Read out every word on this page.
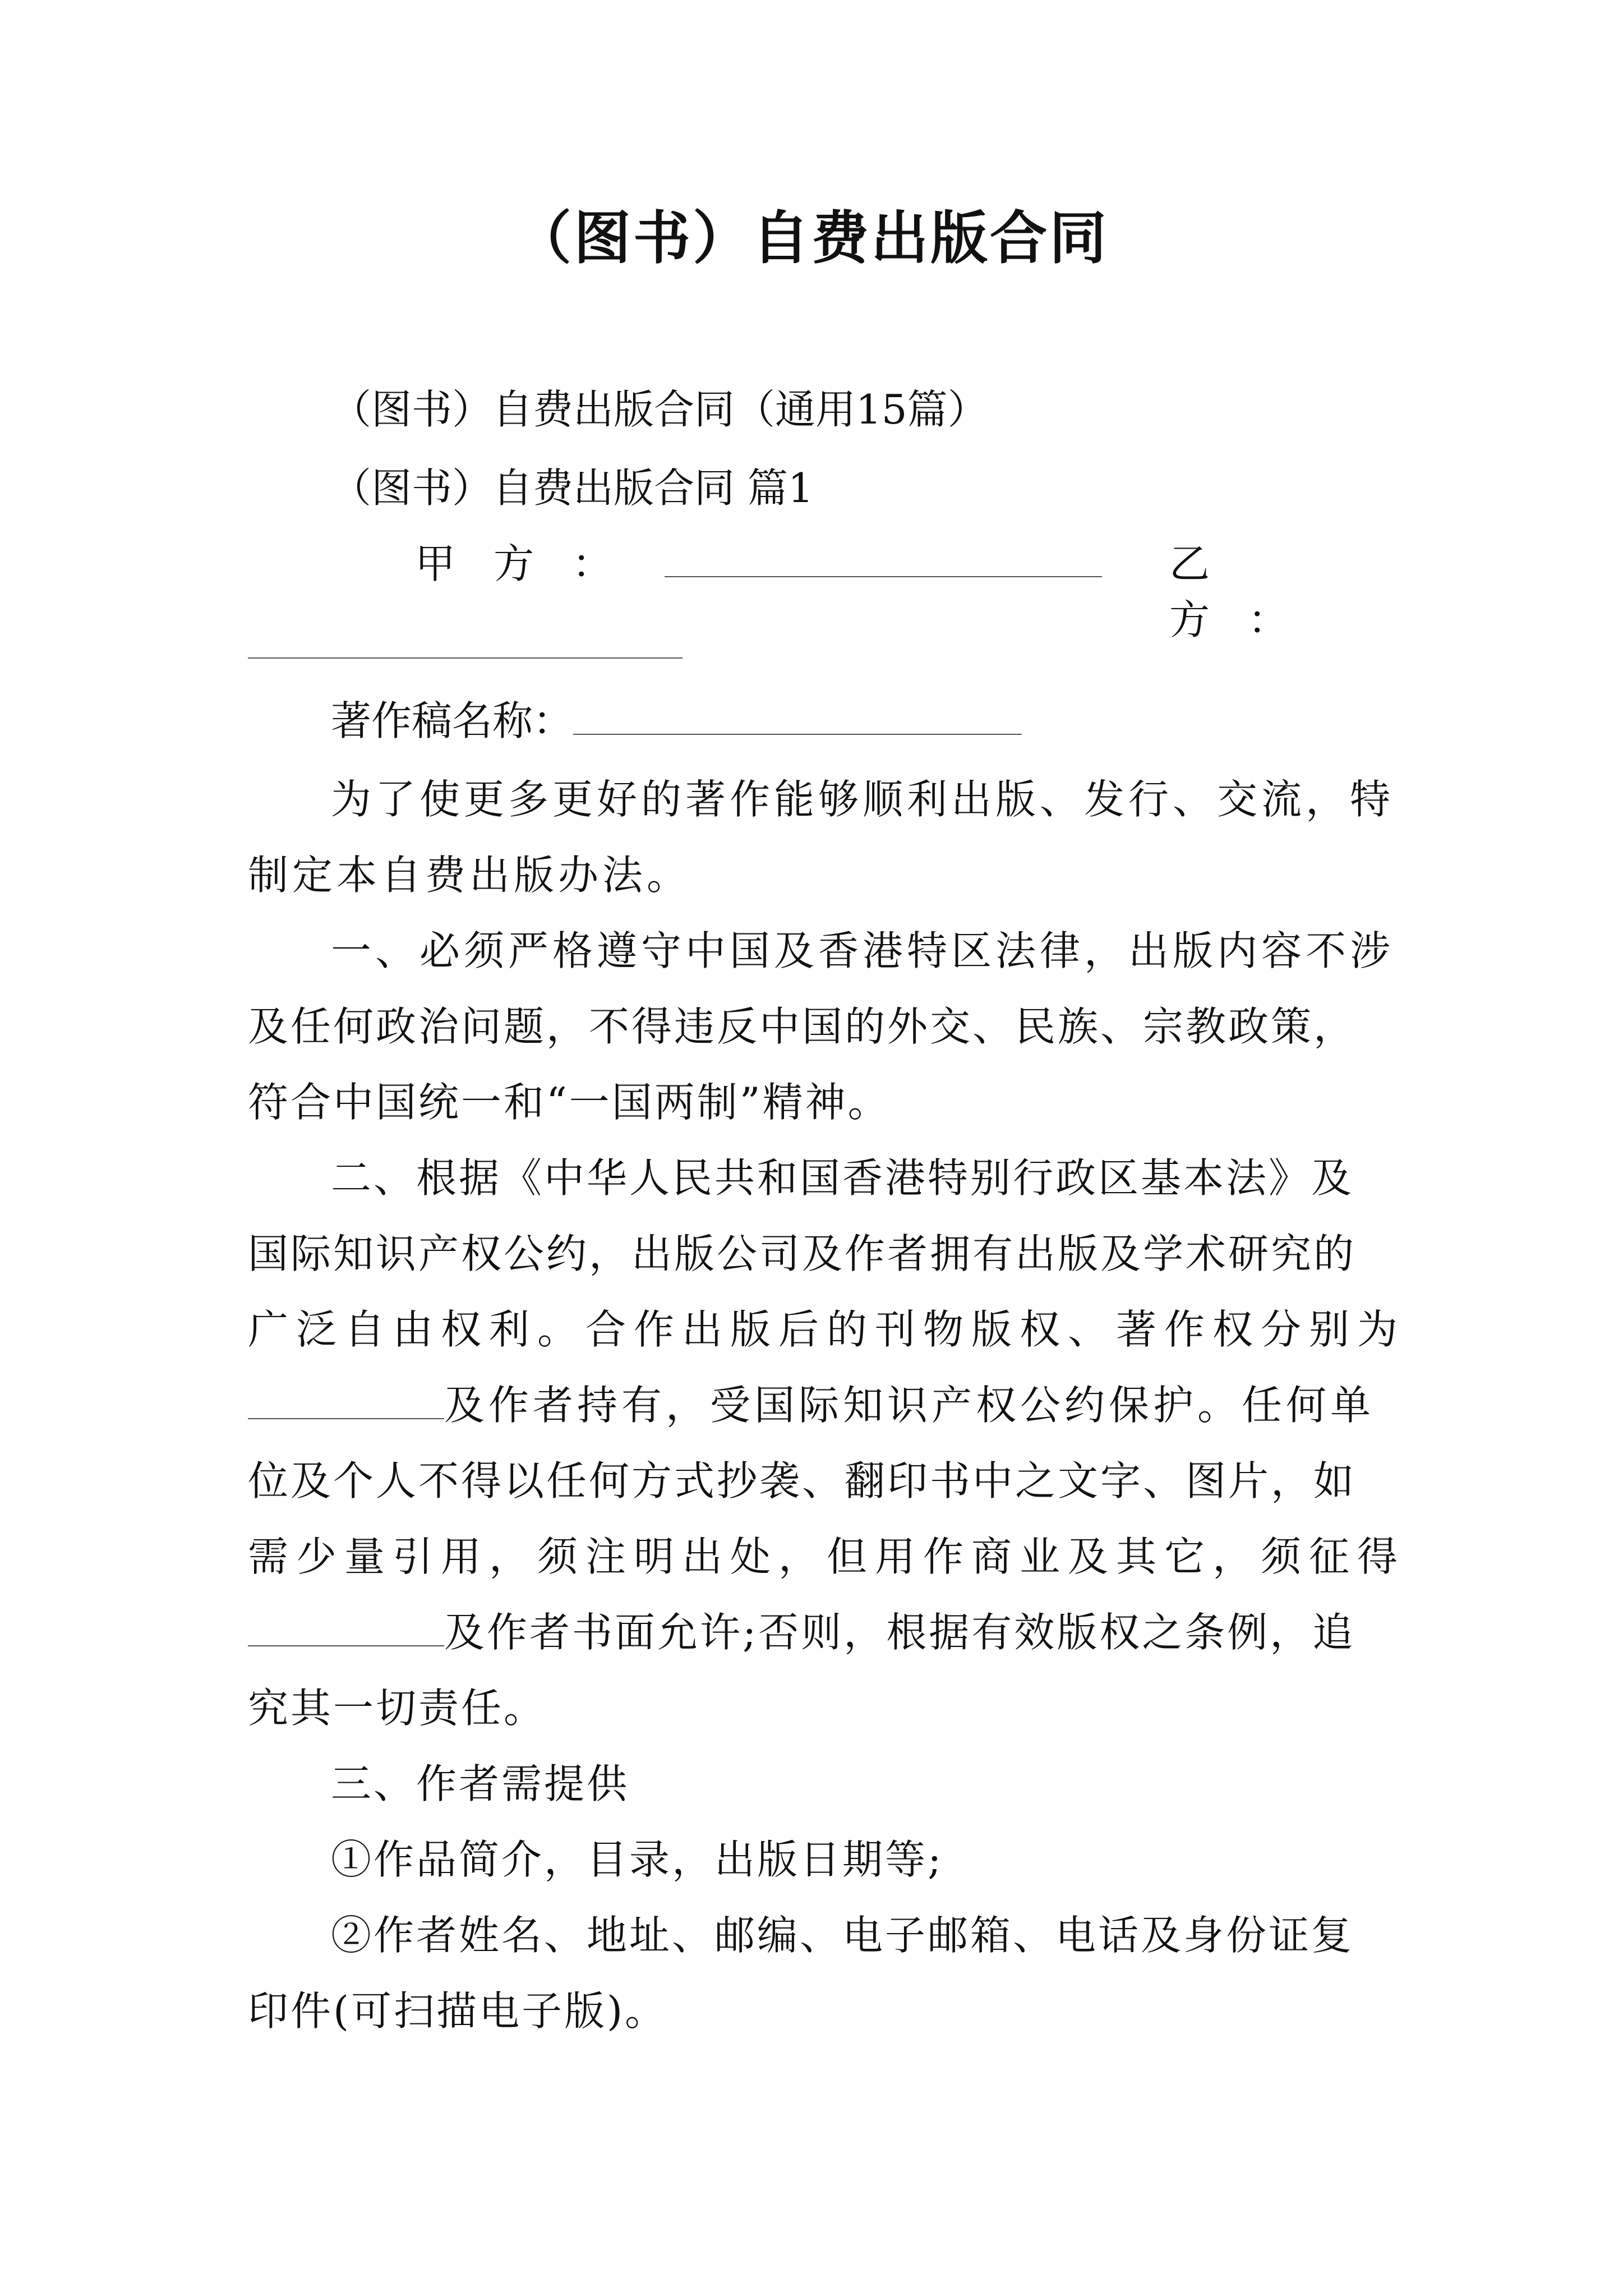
（图书）自费出版合同
（图书）自费出版合同（通用15篇）
（图书）自费出版合同 篇1
甲方：	乙方：
著作稿名称：
为了使更多更好的著作能够顺利出版、发行、交流，特
制定本自费出版办法。
一、必须严格遵守中国及香港特区法律，出版内容不涉
及任何政治问题，不得违反中国的外交、民族、宗教政策，
符合中国统一和“一国两制”精神。
二、根据《中华人民共和国香港特别行政区基本法》及
国际知识产权公约，出版公司及作者拥有出版及学术研究的
广泛自由权利。合作出版后的刊物版权、著作权分别为
及作者持有，受国际知识产权公约保护。任何单
位及个人不得以任何方式抄袭、翻印书中之文字、图片，如
需少量引用，须注明出处，但用作商业及其它，须征得
及作者书面允许;否则，根据有效版权之条例，追
究其一切责任。
三、作者需提供
①作品简介，目录，出版日期等;
②作者姓名、地址、邮编、电子邮箱、电话及身份证复
印件(可扫描电子版)。
